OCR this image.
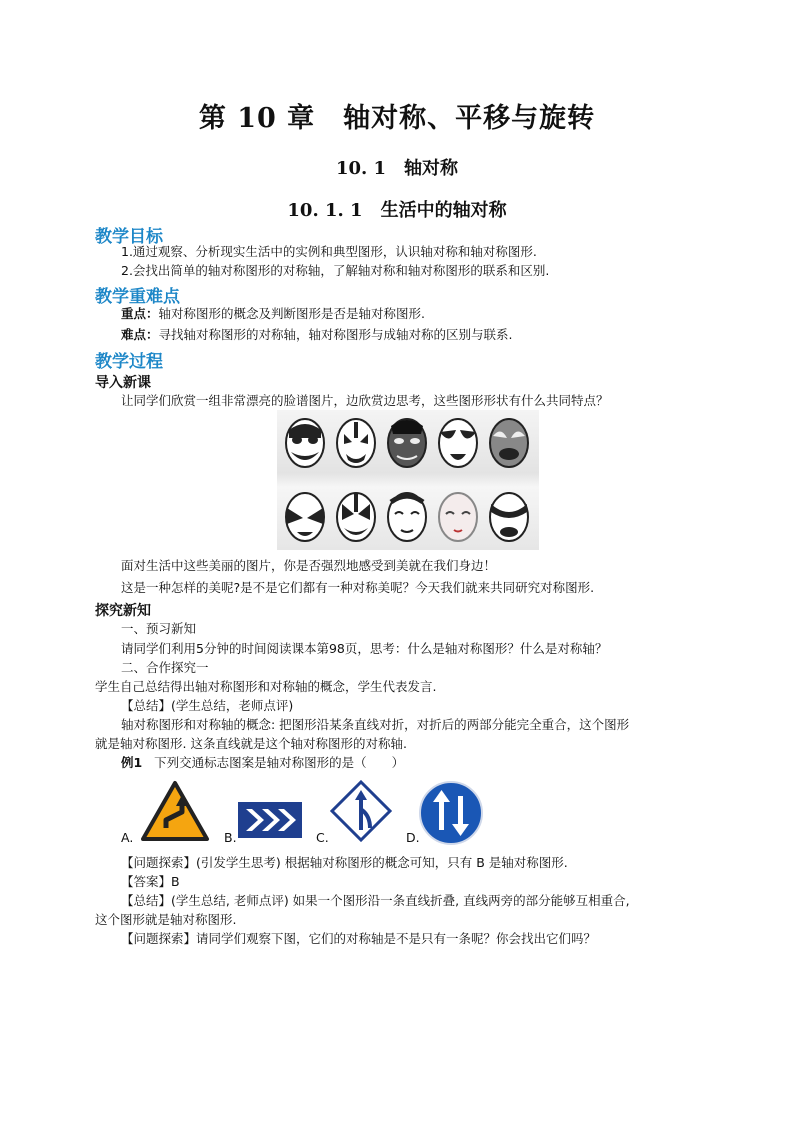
第 10 章　轴对称、平移与旋转
10. 1　轴对称
10. 1. 1　生活中的轴对称
教学目标
1.通过观察、分析现实生活中的实例和典型图形，认识轴对称和轴对称图形.
2.会找出简单的轴对称图形的对称轴，了解轴对称和轴对称图形的联系和区别.
教学重难点
重点：轴对称图形的概念及判断图形是否是轴对称图形.
难点：寻找轴对称图形的对称轴，轴对称图形与成轴对称的区别与联系.
教学过程
导入新课
让同学们欣赏一组非常漂亮的脸谱图片，边欣赏边思考，这些图形形状有什么共同特点？
面对生活中这些美丽的图片，你是否强烈地感受到美就在我们身边！
这是一种怎样的美呢?是不是它们都有一种对称美呢？今天我们就来共同研究对称图形.
探究新知
一、预习新知
请同学们利用5分钟的时间阅读课本第98页，思考：什么是轴对称图形？什么是对称轴？
二、合作探究一
学生自己总结得出轴对称图形和对称轴的概念，学生代表发言.
【总结】(学生总结，老师点评)
轴对称图形和对称轴的概念: 把图形沿某条直线对折，对折后的两部分能完全重合，这个图形
就是轴对称图形. 这条直线就是这个轴对称图形的对称轴.
例1 下列交通标志图案是轴对称图形的是（　　）
A.	B.	C.	D.
【问题探索】(引发学生思考) 根据轴对称图形的概念可知，只有 B 是轴对称图形.
【答案】B
【总结】(学生总结, 老师点评) 如果一个图形沿一条直线折叠, 直线两旁的部分能够互相重合,
这个图形就是轴对称图形.
【问题探索】请同学们观察下图，它们的对称轴是不是只有一条呢？你会找出它们吗？
